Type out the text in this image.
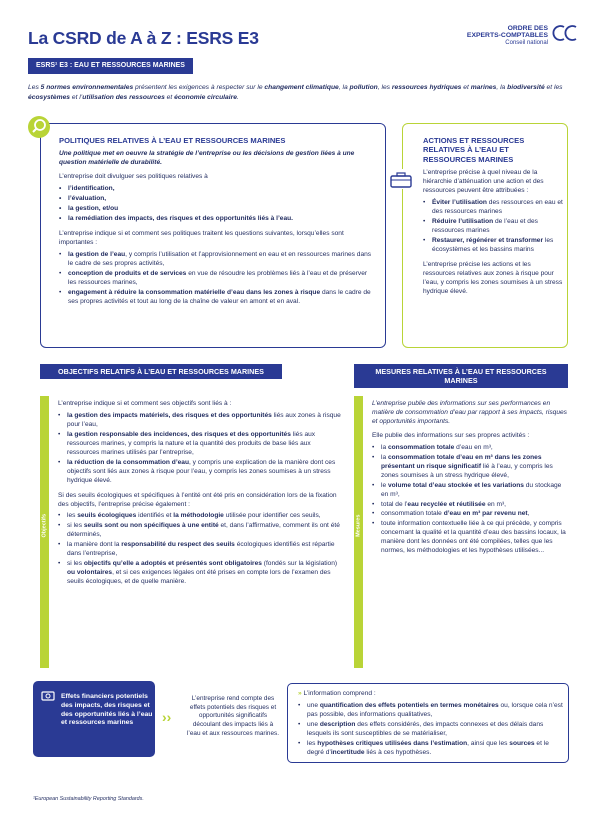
La CSRD de A à Z : ESRS E3	ORDRE DES
EXPERTS-COMPTABLES
Conseil national
ESRS¹ E3 : EAU ET RESSOURCES MARINES
Les 5 normes environnementales présentent les exigences à respecter sur le changement climatique, la pollution, les ressources hydriques et marines, la biodiversité et les écosystèmes et l’utilisation des ressources et économie circulaire.
POLITIQUES RELATIVES À L’EAU ET RESSOURCES MARINES

Une politique met en oeuvre la stratégie de l’entreprise ou les décisions de gestion liées à une question matérielle de durabilité.

L’entreprise doit divulguer ses politiques relatives à

• l’identification,
• l’évaluation,
• la gestion, et/ou
• la remédiation des impacts, des risques et des opportunités liés à l’eau.

L’entreprise indique si et comment ses politiques traitent les questions suivantes, lorsqu’elles sont importantes :

• la gestion de l’eau, y compris l’utilisation et l’approvisionnement en eau et en ressources marines dans le cadre de ses propres activités,
• conception de produits et de services en vue de résoudre les problèmes liés à l’eau et de préserver les ressources marines,
• engagement à réduire la consommation matérielle d’eau dans les zones à risque dans le cadre de ses propres activités et tout au long de la chaîne de valeur en amont et en aval.
ACTIONS ET RESSOURCES RELATIVES À L’EAU ET RESSOURCES MARINES

L’entreprise précise à quel niveau de la hiérarchie d’atténuation une action et des ressources peuvent être attribuées :

• Éviter l’utilisation des ressources en eau et des ressources marines
• Réduire l’utilisation de l’eau et des ressources marines
• Restaurer, régénérer et transformer les écosystèmes et les bassins marins

L’entreprise précise les actions et les ressources relatives aux zones à risque pour l’eau, y compris les zones soumises à un stress hydrique élevé.

OBJECTIFS RELATIFS À L’EAU ET RESSOURCES MARINES	MESURES RELATIVES À L’EAU ET RESSOURCES MARINES
Objectifs

L’entreprise indique si et comment ses objectifs sont liés à :

• la gestion des impacts matériels, des risques et des opportunités liés aux zones à risque pour l’eau,
• la gestion responsable des incidences, des risques et des opportunités liés aux ressources marines, y compris la nature et la quantité des produits de base liés aux ressources marines utilisés par l’entreprise,
• la réduction de la consommation d’eau, y compris une explication de la manière dont ces objectifs sont liés aux zones à risque pour l’eau, y compris les zones soumises à un stress hydrique élevé.

Si des seuils écologiques et spécifiques à l’entité ont été pris en considération lors de la fixation des objectifs, l’entreprise précise également :

• les seuils écologiques identifiés et la méthodologie utilisée pour identifier ces seuils,
• si les seuils sont ou non spécifiques à une entité et, dans l’affirmative, comment ils ont été déterminés,
• la manière dont la responsabilité du respect des seuils écologiques identifiés est répartie dans l’entreprise,
• si les objectifs qu’elle a adoptés et présentés sont obligatoires (fondés sur la législation) ou volontaires, et si ces exigences légales ont été prises en compte lors de l’examen des seuils écologiques, et de quelle manière.
Mesures

L’entreprise publie des informations sur ses performances en matière de consommation d’eau par rapport à ses impacts, risques et opportunités importants.

Elle publie des informations sur ses propres activités :

• la consommation totale d’eau en m³,
• la consommation totale d’eau en m³ dans les zones présentant un risque significatif lié à l’eau, y compris les zones soumises à un stress hydrique élevé,
• le volume total d’eau stockée et les variations du stockage en m³,
• total de l’eau recyclée et réutilisée en m³,
• consommation totale d’eau en m³ par revenu net,
• toute information contextuelle liée à ce qui précède, y compris concernant la qualité et la quantité d’eau des bassins locaux, la manière dont les données ont été compilées, telles que les normes, les méthodologies et les hypothèses utilisées...
Effets financiers potentiels des impacts, des risques et des opportunités liés à l’eau et ressources marines	››
L’entreprise rend compte des effets potentiels des risques et opportunités significatifs découlant des impacts liés à l’eau et aux ressources marines.

» L’information comprend :

• une quantification des effets potentiels en termes monétaires ou, lorsque cela n’est pas possible, des informations qualitatives,
• une description des effets considérés, des impacts connexes et des délais dans lesquels ils sont susceptibles de se matérialiser,
• les hypothèses critiques utilisées dans l’estimation, ainsi que les sources et le degré d’incertitude liés à ces hypothèses.
¹European Sustainability Reporting Standards.
